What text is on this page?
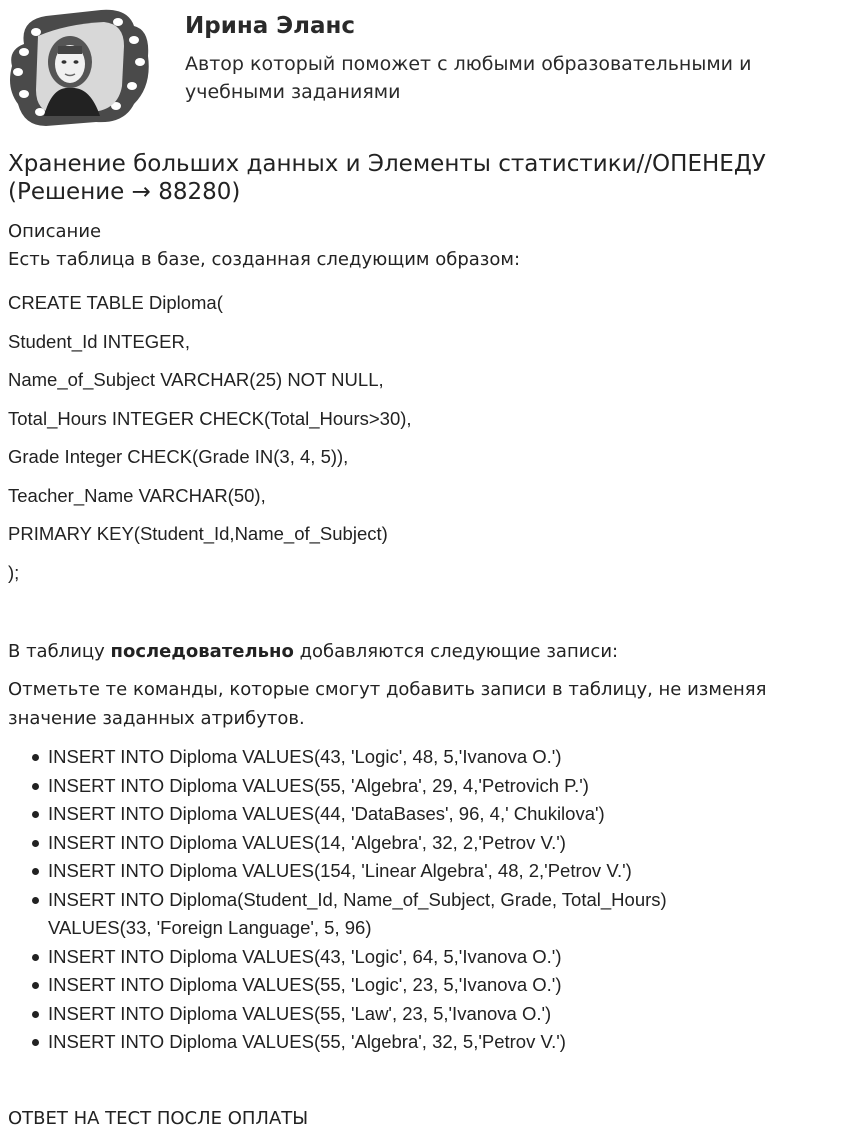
Ирина Эланс

Автор который поможет с любыми образовательными и учебными заданиями

Хранение больших данных и Элементы статистики//ОПЕНЕДУ (Решение → 88280)

Описание

Есть таблица в базе, созданная следующим образом:

CREATE TABLE Diploma(

Student_Id INTEGER,

Name_of_Subject VARCHAR(25) NOT NULL,

Total_Hours INTEGER CHECK(Total_Hours>30),

Grade Integer CHECK(Grade IN(3, 4, 5)),

Teacher_Name VARCHAR(50),

PRIMARY KEY(Student_Id,Name_of_Subject)

);

В таблицу последовательно добавляются следующие записи:

Отметьте те команды, которые смогут добавить записи в таблицу, не изменяя значение заданных атрибутов.

INSERT INTO Diploma VALUES(43, 'Logic', 48, 5,'Ivanova O.')
INSERT INTO Diploma VALUES(55, 'Algebra', 29, 4,'Petrovich P.')
INSERT INTO Diploma VALUES(44, 'DataBases', 96, 4,' Chukilova')
INSERT INTO Diploma VALUES(14, 'Algebra', 32, 2,'Petrov V.')
INSERT INTO Diploma VALUES(154, 'Linear Algebra', 48, 2,'Petrov V.')
INSERT INTO Diploma(Student_Id, Name_of_Subject, Grade, Total_Hours) VALUES(33, 'Foreign Language', 5, 96)
INSERT INTO Diploma VALUES(43, 'Logic', 64, 5,'Ivanova O.')
INSERT INTO Diploma VALUES(55, 'Logic', 23, 5,'Ivanova O.')
INSERT INTO Diploma VALUES(55, 'Law', 23, 5,'Ivanova O.')
INSERT INTO Diploma VALUES(55, 'Algebra', 32, 5,'Petrov V.')

ОТВЕТ НА ТЕСТ ПОСЛЕ ОПЛАТЫ
